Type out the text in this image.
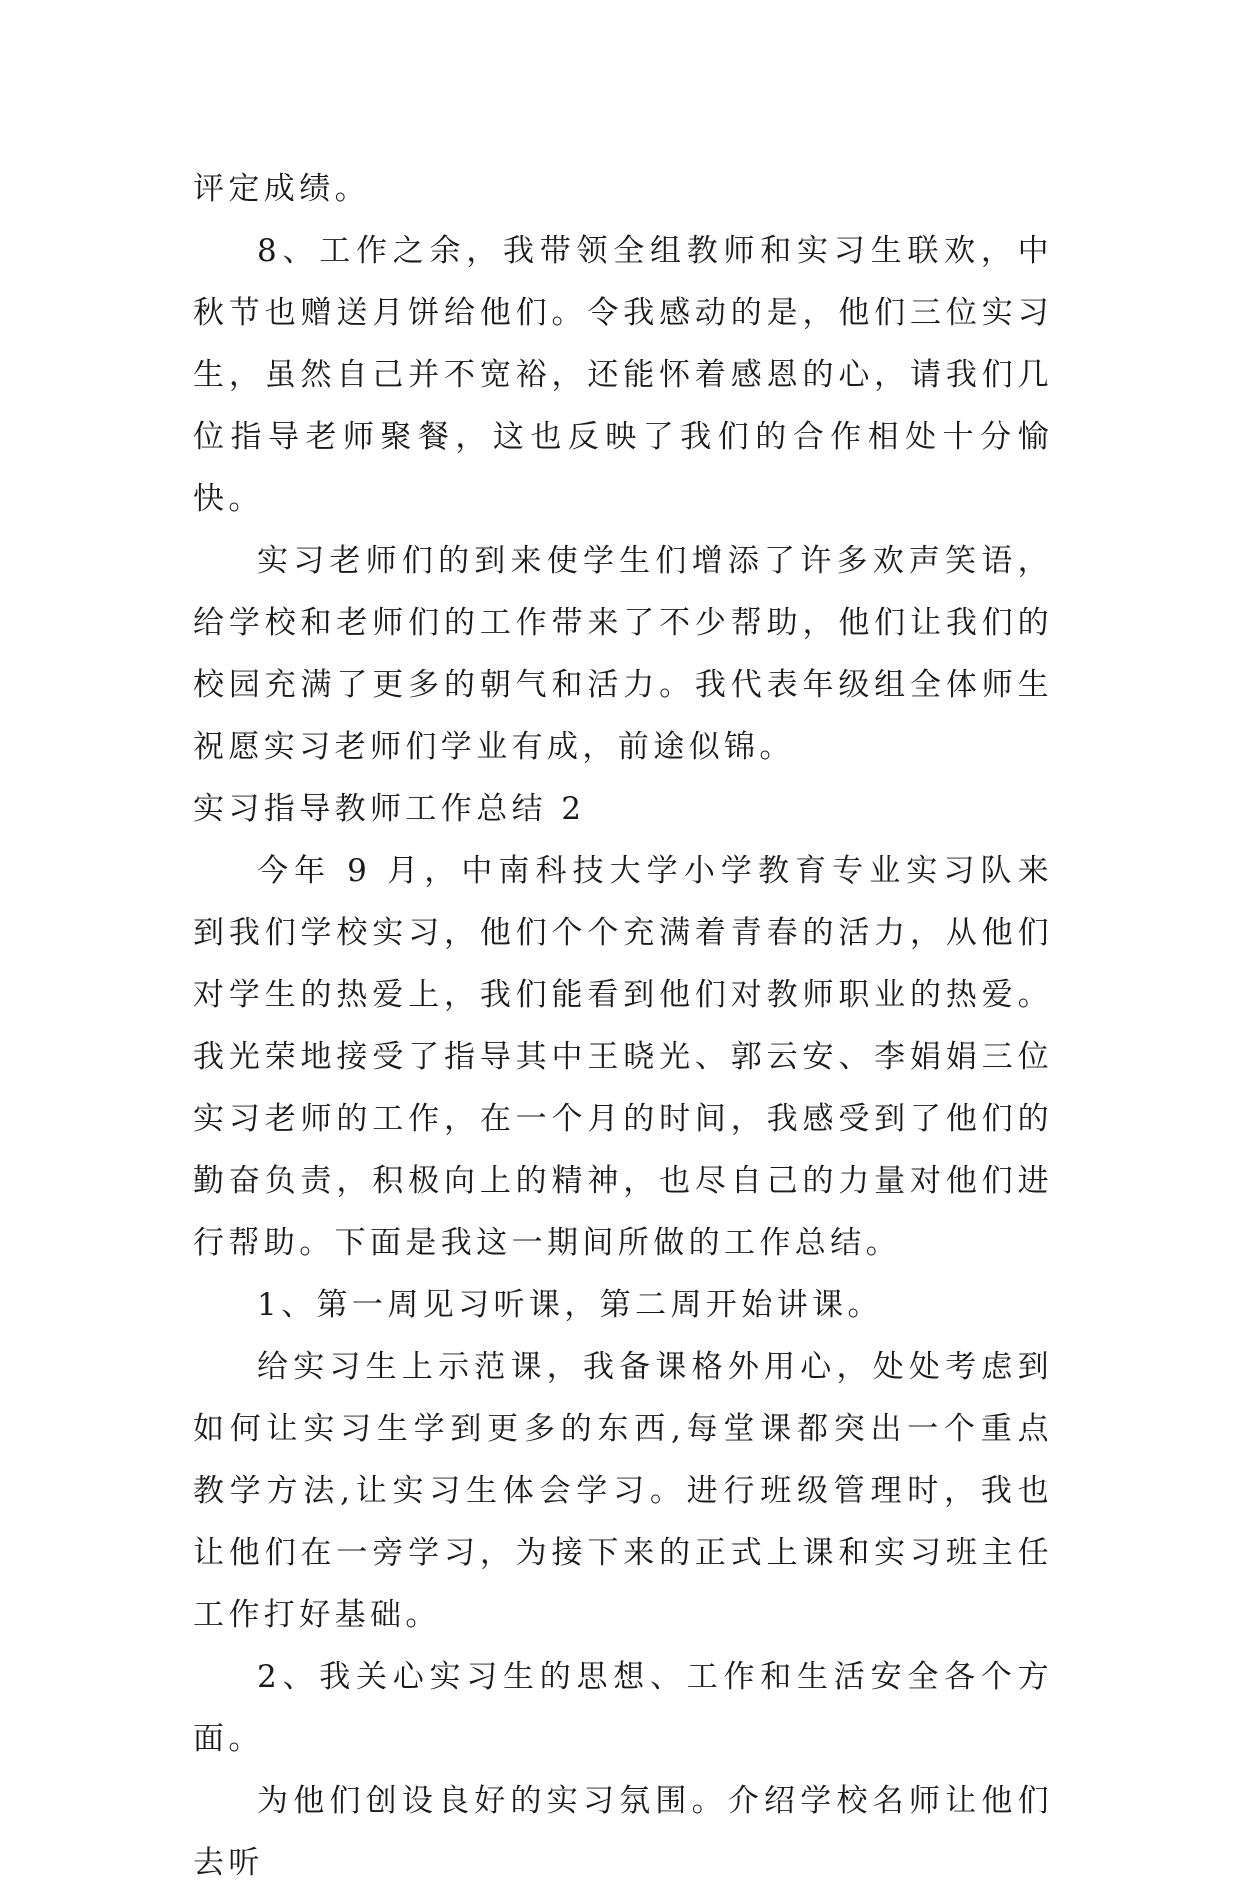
评定成绩。

8、工作之余，我带领全组教师和实习生联欢，中秋节也赠送月饼给他们。令我感动的是，他们三位实习生，虽然自己并不宽裕，还能怀着感恩的心，请我们几位指导老师聚餐，这也反映了我们的合作相处十分愉快。

实习老师们的到来使学生们增添了许多欢声笑语，给学校和老师们的工作带来了不少帮助，他们让我们的校园充满了更多的朝气和活力。我代表年级组全体师生祝愿实习老师们学业有成，前途似锦。

实习指导教师工作总结 2

今年 9 月，中南科技大学小学教育专业实习队来到我们学校实习，他们个个充满着青春的活力，从他们对学生的热爱上，我们能看到他们对教师职业的热爱。我光荣地接受了指导其中王晓光、郭云安、李娟娟三位实习老师的工作，在一个月的时间，我感受到了他们的勤奋负责，积极向上的精神，也尽自己的力量对他们进行帮助。下面是我这一期间所做的工作总结。

1、第一周见习听课，第二周开始讲课。

给实习生上示范课，我备课格外用心，处处考虑到如何让实习生学到更多的东西,每堂课都突出一个重点教学方法,让实习生体会学习。进行班级管理时，我也让他们在一旁学习，为接下来的正式上课和实习班主任工作打好基础。

2、我关心实习生的思想、工作和生活安全各个方面。

为他们创设良好的实习氛围。介绍学校名师让他们去听
